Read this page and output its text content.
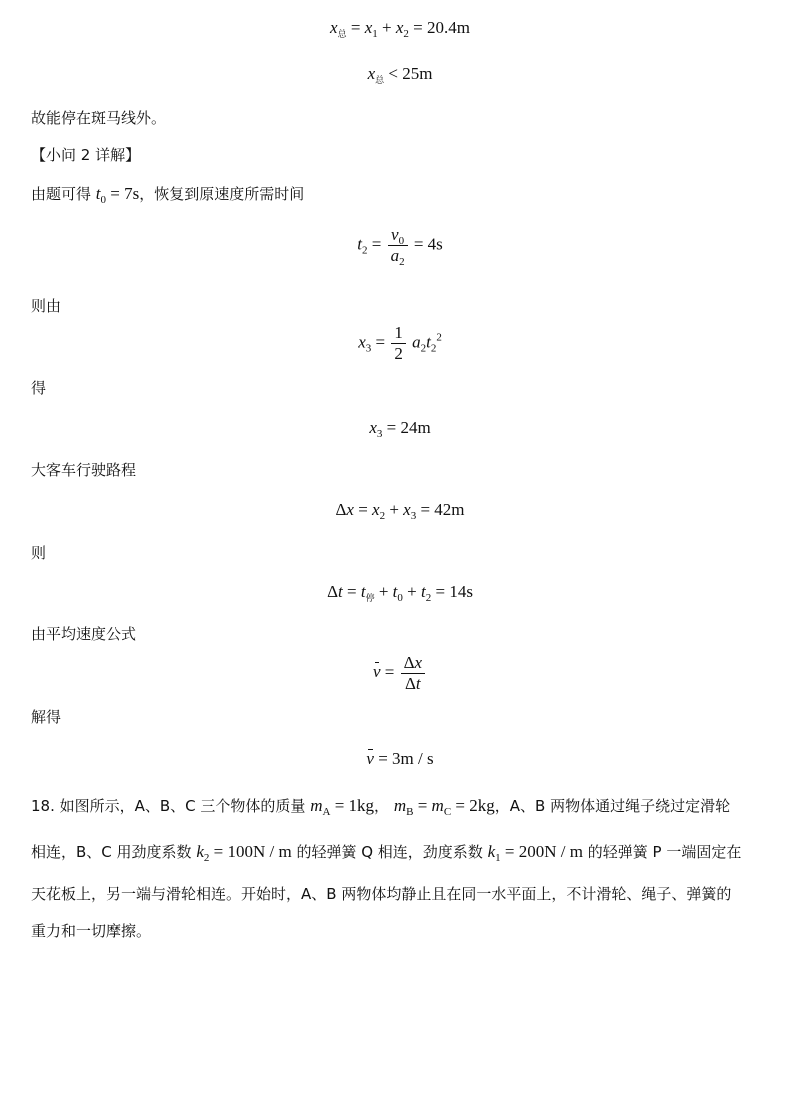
$x_总 = x_1 + x_2 = 20.4m$
$x_总 < 25m$
故能停在斑马线外。
【小问 2 详解】
由题可得 $t_0 = 7s$，恢复到原速度所需时间
$t_2 = \frac{v_0}{a_2} = 4s$
则由
$x_3 = \frac{1}{2} a_2t_2^2$
得
$x_3 = 24m$
大客车行驶路程
$\Delta x = x_2 + x_3 = 42m$
则
$\Delta t = t_停 + t_0 + t_2 = 14s$
由平均速度公式
$v = \frac{\Delta x}{\Delta t}$
解得
v = 3m / s
18. 如图所示，A、B、C 三个物体的质量 $m_A = 1kg$， $m_B = m_C = 2kg$，A、B 两物体通过绳子绕过定滑轮
相连，B、C 用劲度系数 $k_2 = 100N / m$ 的轻弹簧 Q 相连，劲度系数 $k_1 = 200N / m$ 的轻弹簧 P 一端固定在
天花板上，另一端与滑轮相连。开始时，A、B 两物体均静止且在同一水平面上，不计滑轮、绳子、弹簧的
重力和一切摩擦。
